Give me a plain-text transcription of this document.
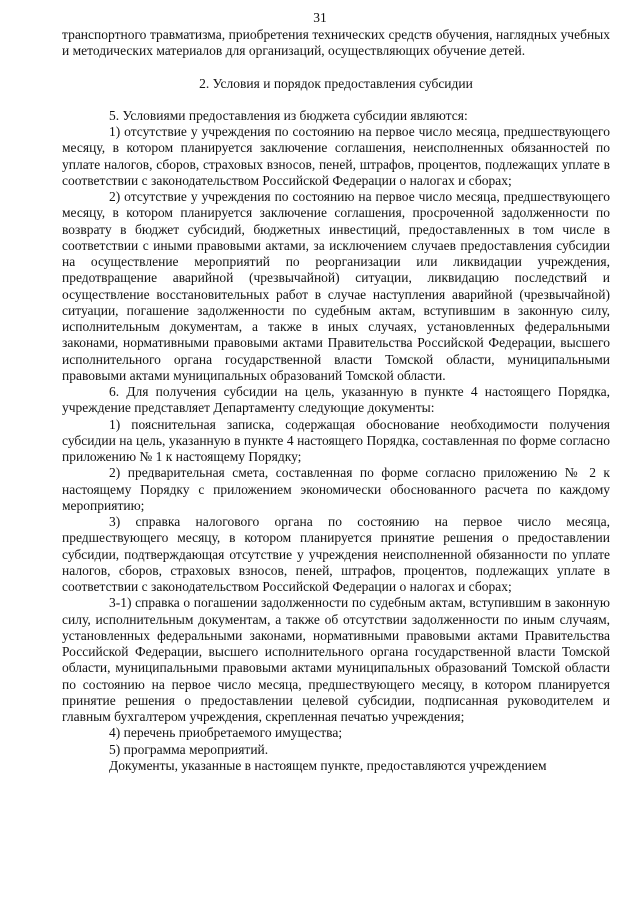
31

транспортного травматизма, приобретения технических средств обучения, наглядных учебных и методических материалов для организаций, осуществляющих обучение детей.

2. Условия и порядок предоставления субсидии

5. Условиями предоставления из бюджета субсидии являются:

1) отсутствие у учреждения по состоянию на первое число месяца, предшествующего месяцу, в котором планируется заключение соглашения, неисполненных обязанностей по уплате налогов, сборов, страховых взносов, пеней, штрафов, процентов, подлежащих уплате в соответствии с законодательством Российской Федерации о налогах и сборах;

2) отсутствие у учреждения по состоянию на первое число месяца, предшествующего месяцу, в котором планируется заключение соглашения, просроченной задолженности по возврату в бюджет субсидий, бюджетных инвестиций, предоставленных в том числе в соответствии с иными правовыми актами, за исключением случаев предоставления субсидии на осуществление мероприятий по реорганизации или ликвидации учреждения, предотвращение аварийной (чрезвычайной) ситуации, ликвидацию последствий и осуществление восстановительных работ в случае наступления аварийной (чрезвычайной) ситуации, погашение задолженности по судебным актам, вступившим в законную силу, исполнительным документам, а также в иных случаях, установленных федеральными законами, нормативными правовыми актами Правительства Российской Федерации, высшего исполнительного органа государственной власти Томской области, муниципальными правовыми актами муниципальных образований Томской области.

6. Для получения субсидии на цель, указанную в пункте 4 настоящего Порядка, учреждение представляет Департаменту следующие документы:

1) пояснительная записка, содержащая обоснование необходимости получения субсидии на цель, указанную в пункте 4 настоящего Порядка, составленная по форме согласно приложению № 1 к настоящему Порядку;

2) предварительная смета, составленная по форме согласно приложению № 2 к настоящему Порядку с приложением экономически обоснованного расчета по каждому мероприятию;

3) справка налогового органа по состоянию на первое число месяца, предшествующего месяцу, в котором планируется принятие решения о предоставлении субсидии, подтверждающая отсутствие у учреждения неисполненной обязанности по уплате налогов, сборов, страховых взносов, пеней, штрафов, процентов, подлежащих уплате в соответствии с законодательством Российской Федерации о налогах и сборах;

3-1) справка о погашении задолженности по судебным актам, вступившим в законную силу, исполнительным документам, а также об отсутствии задолженности по иным случаям, установленных федеральными законами, нормативными правовыми актами Правительства Российской Федерации, высшего исполнительного органа государственной власти Томской области, муниципальными правовыми актами муниципальных образований Томской области по состоянию на первое число месяца, предшествующего месяцу, в котором планируется принятие решения о предоставлении целевой субсидии, подписанная руководителем и главным бухгалтером учреждения, скрепленная печатью учреждения;

4) перечень приобретаемого имущества;

5) программа мероприятий.

Документы, указанные в настоящем пункте, предоставляются учреждением
